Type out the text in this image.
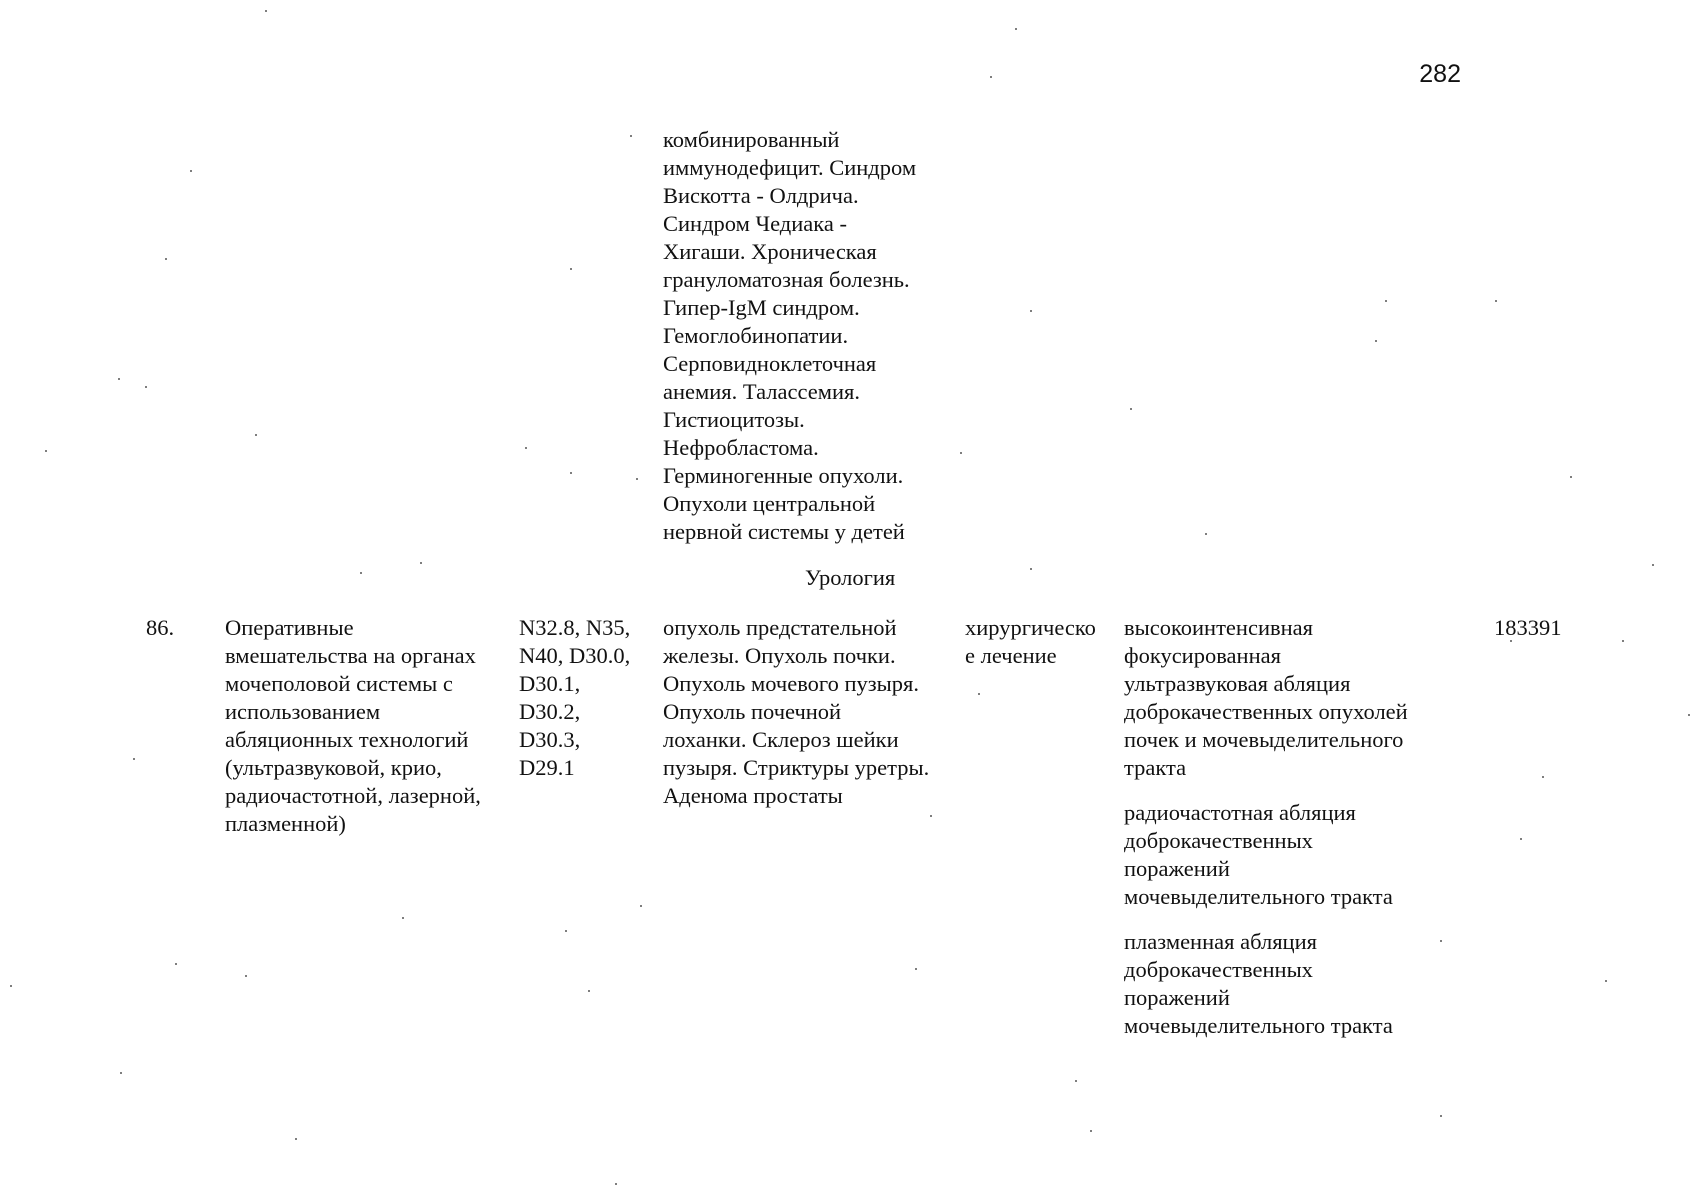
282
комбинированный
иммунодефицит. Синдром
Вискотта - Олдрича.
Синдром Чедиака -
Хигаши. Хроническая
грануломатозная болезнь.
Гипер-IgM синдром.
Гемоглобинопатии.
Серповидноклеточная
анемия. Талассемия.
Гистиоцитозы.
Нефробластома.
Герминогенные опухоли.
Опухоли центральной
нервной системы у детей
Урология
86. Оперативные
вмешательства на органах
мочеполовой системы с
использованием
абляционных технологий
(ультразвуковой, крио,
радиочастотной, лазерной,
плазменной)
N32.8, N35,
N40, D30.0,
D30.1,
D30.2,
D30.3,
D29.1
опухоль предстательной
железы. Опухоль почки.
Опухоль мочевого пузыря.
Опухоль почечной
лоханки. Склероз шейки
пузыря. Стриктуры уретры.
Аденома простаты
хирургическо
е лечение
высокоинтенсивная
фокусированная
ультразвуковая абляция
доброкачественных опухолей
почек и мочевыделительного
тракта
радиочастотная абляция
доброкачественных
поражений
мочевыделительного тракта
плазменная абляция
доброкачественных
поражений
мочевыделительного тракта
183391
